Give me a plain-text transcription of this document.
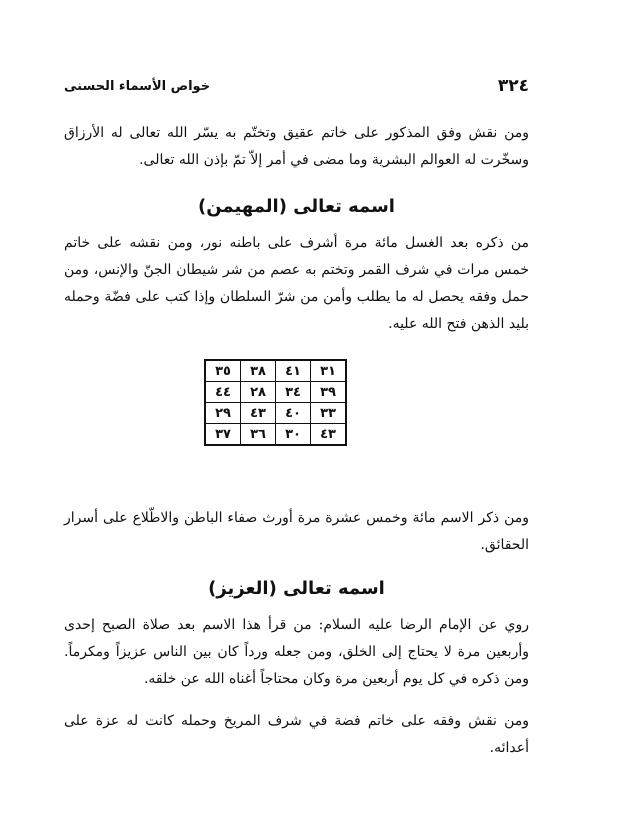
٣٢٤
خواص الأسماء الحسنى

ومن نقش وفق المذكور على خاتم عقيق وتختّم به يسّر الله تعالى له الأرزاق وسخّرت له العوالم البشرية وما مضى في أمر إلاّ تمّ بإذن الله تعالى.

اسمه تعالى (المهيمن)

من ذكره بعد الغسل مائة مرة أشرف على باطنه نور، ومن نقشه على خاتم خمس مرات في شرف القمر وتختم به عصم من شر شيطان الجنّ والإنس، ومن حمل وفقه يحصل له ما يطلب وأمن من شرّ السلطان وإذا كتب على فضّة وحمله بليد الذهن فتح الله عليه.

٣١	٤١	٣٨	٣٥
٣٩	٣٤	٢٨	٤٤
٣٣	٤٠	٤٣	٢٩
٤٣	٣٠	٣٦	٣٧

ومن ذكر الاسم مائة وخمس عشرة مرة أورث صفاء الباطن والاطّلاع على أسرار الحقائق.

اسمه تعالى (العزيز)

روي عن الإمام الرضا عليه السلام: من قرأ هذا الاسم بعد صلاة الصبح إحدى وأربعين مرة لا يحتاج إلى الخلق، ومن جعله ورداً كان بين الناس عزيزاً ومكرماً. ومن ذكره في كل يوم أربعين مرة وكان محتاجاً أغناه الله عن خلقه.

ومن نقش وفقه على خاتم فضة في شرف المريخ وحمله كانت له عزة على أعدائه.
